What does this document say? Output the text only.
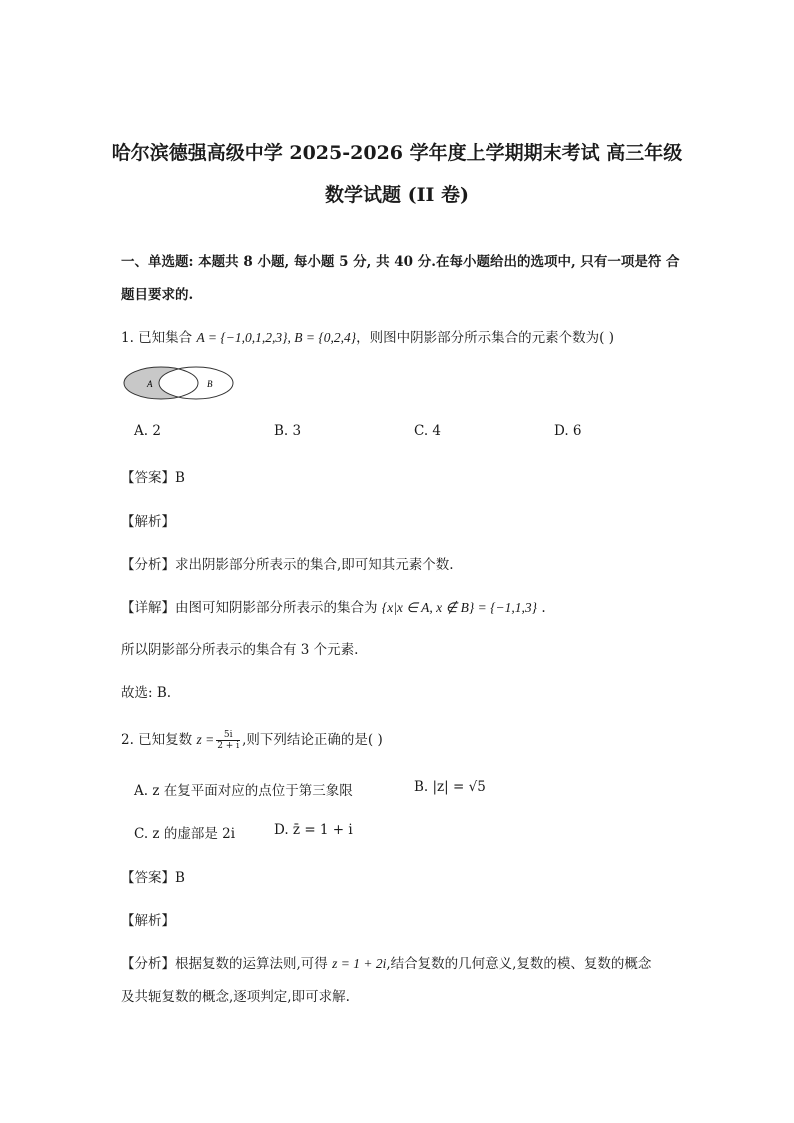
哈尔滨德强高级中学 2025-2026 学年度上学期期末考试 高三年级
数学试题 (II 卷)
一、单选题: 本题共 8 小题, 每小题 5 分, 共 40 分.在每小题给出的选项中, 只有一项是符 合
题目要求的.
1. 已知集合 A = {−1,0,1,2,3}, B = {0,2,4}，则图中阴影部分所示集合的元素个数为( )
A	B
A. 2	B. 3	C. 4	D. 6
【答案】B
【解析】
【分析】求出阴影部分所表示的集合,即可知其元素个数.
【详解】由图可知阴影部分所表示的集合为 {x|x ∈ A, x ∉ B} = {−1,1,3} .
所以阴影部分所表示的集合有 3 个元素.
故选: B.
2. 已知复数 $z = \frac{5i}{2 + i}$ ,则下列结论正确的是( )
A. z 在复平面对应的点位于第三象限	B. |z| = √5
C. z 的虚部是 2i	D. z̄ = 1 + i
【答案】B
【解析】
【分析】根据复数的运算法则,可得 z = 1 + 2i,结合复数的几何意义,复数的模、复数的概念
及共轭复数的概念,逐项判定,即可求解.
